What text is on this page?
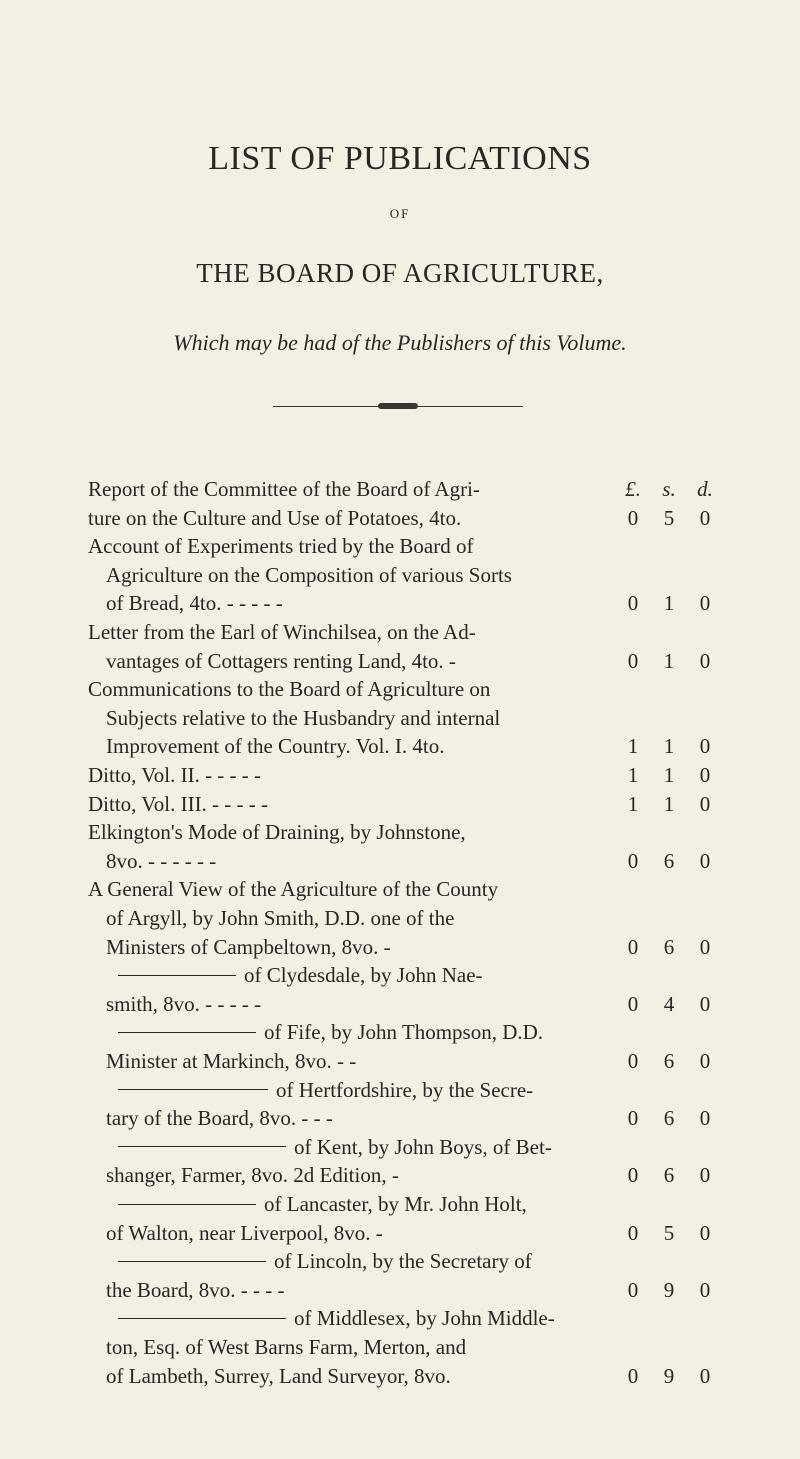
LIST OF PUBLICATIONS
OF
THE BOARD OF AGRICULTURE,
Which may be had of the Publishers of this Volume.
Report of the Committee of the Board of Agri-	£. s. d.
ture on the Culture and Use of Potatoes, 4to.	0 5 0
Account of Experiments tried by the Board of
Agriculture on the Composition of various Sorts
of Bread, 4to. - - - - -	0 1 0
Letter from the Earl of Winchilsea, on the Ad-
vantages of Cottagers renting Land, 4to. -	0 1 0
Communications to the Board of Agriculture on
Subjects relative to the Husbandry and internal
Improvement of the Country. Vol. I. 4to.	1 1 0
Ditto, Vol. II. - - - - -	1 1 0
Ditto, Vol. III. - - - - -	1 1 0
Elkington's Mode of Draining, by Johnstone,
8vo. - - - - - -	0 6 0
A General View of the Agriculture of the County
of Argyll, by John Smith, D.D. one of the
Ministers of Campbeltown, 8vo. -	0 6 0
of Clydesdale, by John Nae-
smith, 8vo. - - - - -	0 4 0
of Fife, by John Thompson, D.D.
Minister at Markinch, 8vo. - -	0 6 0
of Hertfordshire, by the Secre-
tary of the Board, 8vo. - - -	0 6 0
of Kent, by John Boys, of Bet-
shanger, Farmer, 8vo. 2d Edition, -	0 6 0
of Lancaster, by Mr. John Holt,
of Walton, near Liverpool, 8vo. -	0 5 0
of Lincoln, by the Secretary of
the Board, 8vo. - - - -	0 9 0
of Middlesex, by John Middle-
ton, Esq. of West Barns Farm, Merton, and
of Lambeth, Surrey, Land Surveyor, 8vo.	0 9 0
